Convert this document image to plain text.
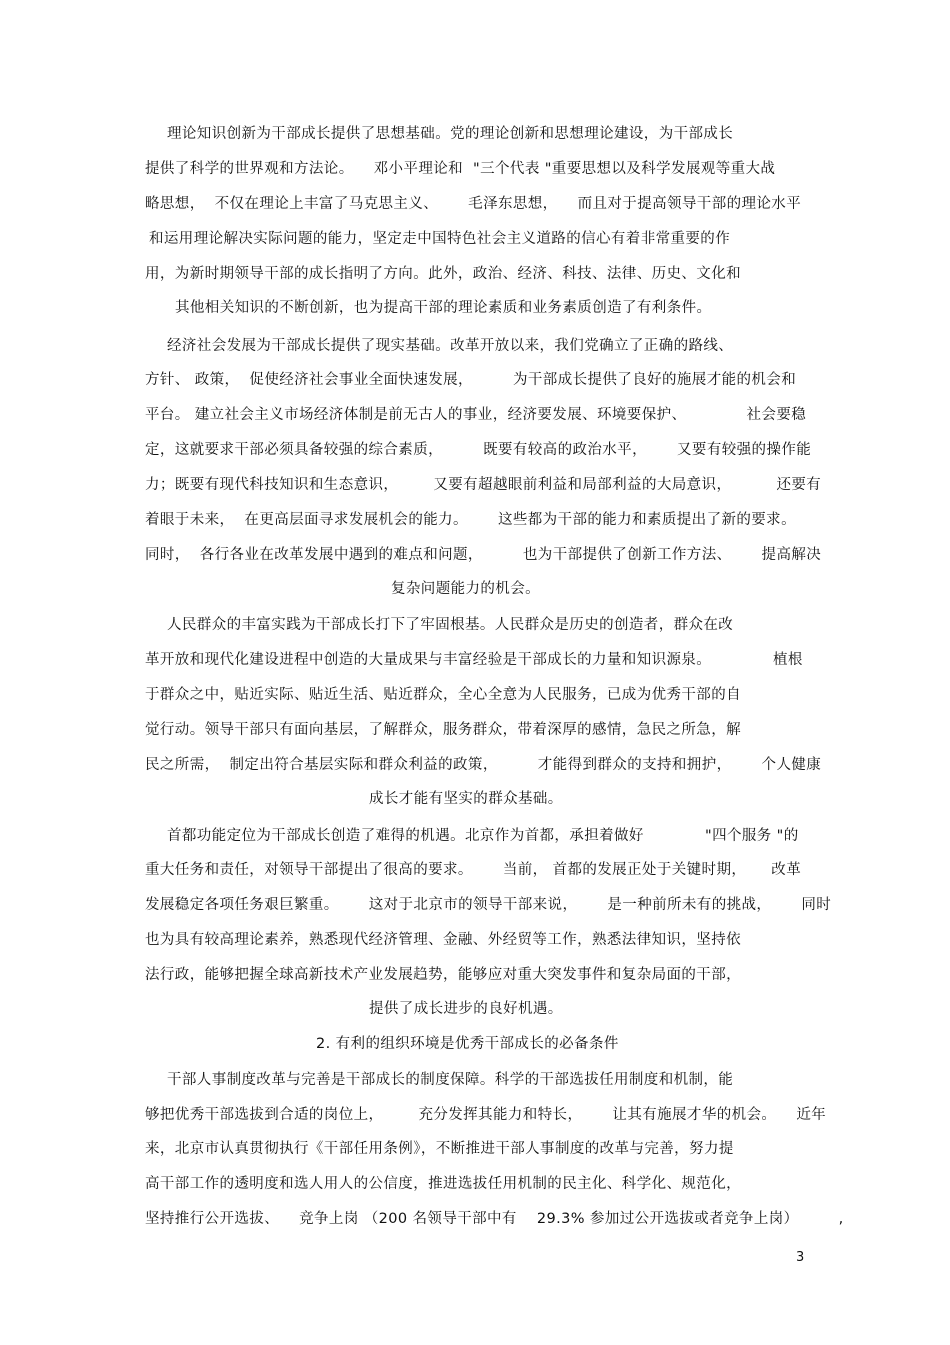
理论知识创新为干部成长提供了思想基础。党的理论创新和思想理论建设，为干部成长
提供了科学的世界观和方法论。    邓小平理论和  "三个代表 "重要思想以及科学发展观等重大战
略思想，  不仅在理论上丰富了马克思主义、      毛泽东思想，    而且对于提高领导干部的理论水平
和运用理论解决实际问题的能力，坚定走中国特色社会主义道路的信心有着非常重要的作
用，为新时期领导干部的成长指明了方向。此外，政治、经济、科技、法律、历史、文化和
其他相关知识的不断创新，也为提高干部的理论素质和业务素质创造了有利条件。
经济社会发展为干部成长提供了现实基础。改革开放以来，我们党确立了正确的路线、
方针、 政策，  促使经济社会事业全面快速发展，        为干部成长提供了良好的施展才能的机会和
平台。 建立社会主义市场经济体制是前无古人的事业，经济要发展、环境要保护、            社会要稳
定，这就要求干部必须具备较强的综合素质，        既要有较高的政治水平，      又要有较强的操作能
力；既要有现代科技知识和生态意识，       又要有超越眼前利益和局部利益的大局意识，         还要有
着眼于未来，  在更高层面寻求发展机会的能力。      这些都为干部的能力和素质提出了新的要求。
同时，  各行各业在改革发展中遇到的难点和问题，        也为干部提供了创新工作方法、      提高解决
复杂问题能力的机会。
人民群众的丰富实践为干部成长打下了牢固根基。人民群众是历史的创造者，群众在改
革开放和现代化建设进程中创造的大量成果与丰富经验是干部成长的力量和知识源泉。	植根
于群众之中，贴近实际、贴近生活、贴近群众，全心全意为人民服务，已成为优秀干部的自
觉行动。领导干部只有面向基层，了解群众，服务群众，带着深厚的感情，急民之所急，解
民之所需，  制定出符合基层实际和群众利益的政策，        才能得到群众的支持和拥护，      个人健康
成长才能有坚实的群众基础。
首都功能定位为干部成长创造了难得的机遇。北京作为首都，承担着做好	"四个服务 "的
重大任务和责任，对领导干部提出了很高的要求。      当前， 首都的发展正处于关键时期，     改革
发展稳定各项任务艰巨繁重。      这对于北京市的领导干部来说，      是一种前所未有的挑战，      同时
也为具有较高理论素养，熟悉现代经济管理、金融、外经贸等工作，熟悉法律知识，坚持依
法行政，能够把握全球高新技术产业发展趋势，能够应对重大突发事件和复杂局面的干部，
提供了成长进步的良好机遇。
2. 有利的组织环境是优秀干部成长的必备条件
干部人事制度改革与完善是干部成长的制度保障。科学的干部选拔任用制度和机制，能
够把优秀干部选拔到合适的岗位上，       充分发挥其能力和特长，      让其有施展才华的机会。    近年
来，北京市认真贯彻执行《干部任用条例》，不断推进干部人事制度的改革与完善，努力提
高干部工作的透明度和选人用人的公信度，推进选拔任用机制的民主化、科学化、规范化，
坚持推行公开选拔、    竞争上岗 （200 名领导干部中有    29.3% 参加过公开选拔或者竞争上岗）        ,
3
